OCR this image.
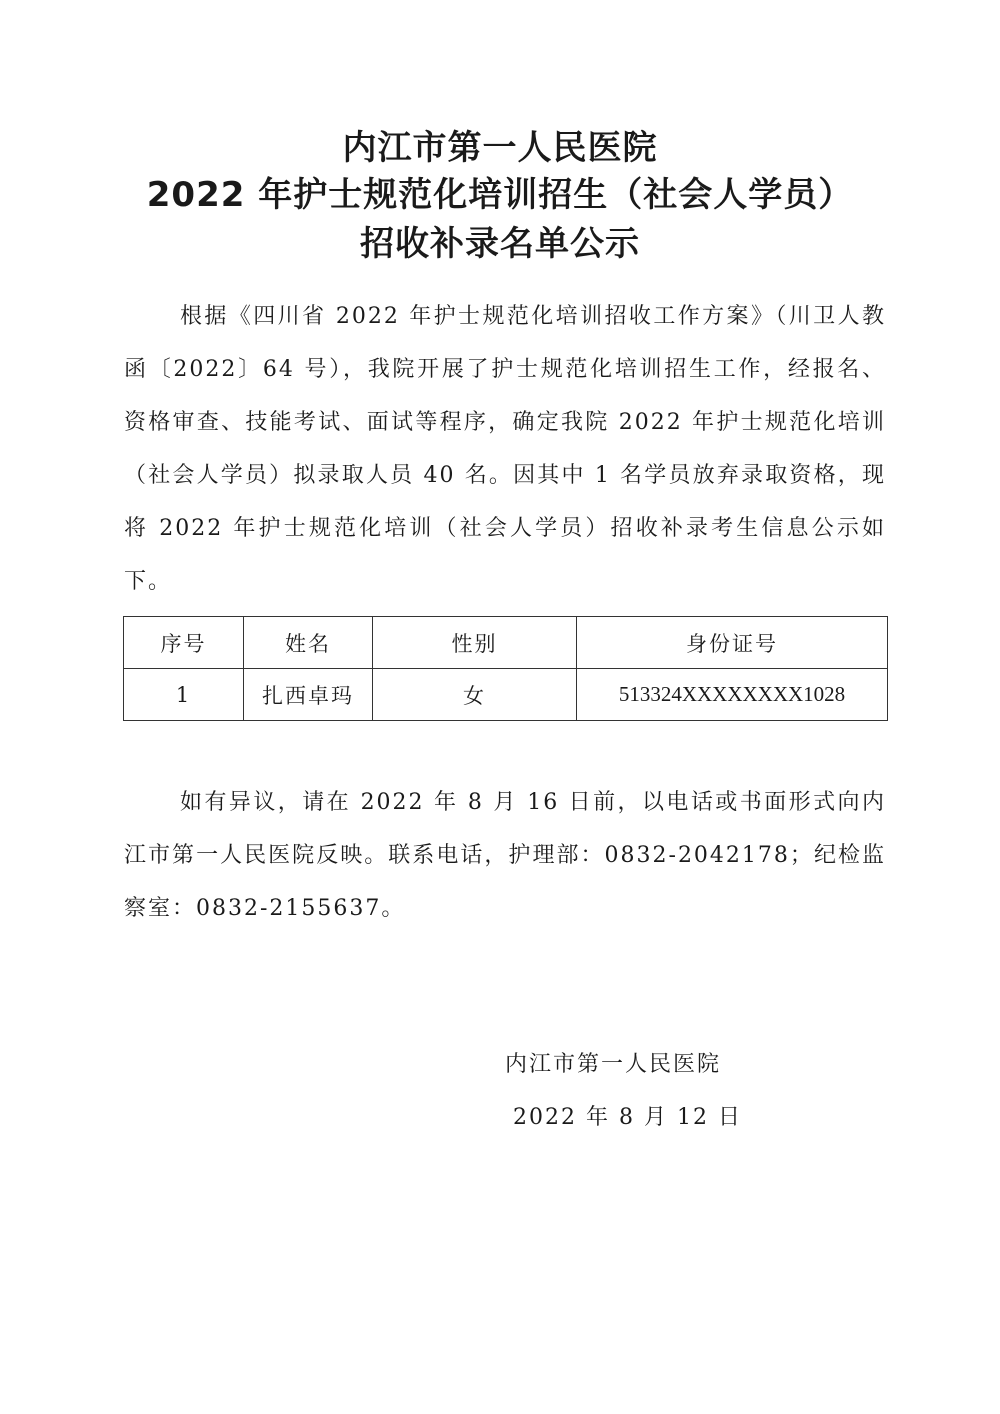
内江市第一人民医院
2022 年护士规范化培训招生（社会人学员）
招收补录名单公示
根据《四川省 2022 年护士规范化培训招收工作方案》（川卫人教函〔2022〕64 号），我院开展了护士规范化培训招生工作，经报名、资格审查、技能考试、面试等程序，确定我院 2022 年护士规范化培训（社会人学员）拟录取人员 40 名。因其中 1 名学员放弃录取资格，现将 2022 年护士规范化培训（社会人学员）招收补录考生信息公示如下。
序号	姓名	性别	身份证号
1	扎西卓玛	女	513324XXXXXXXX1028
如有异议，请在 2022 年 8 月 16 日前，以电话或书面形式向内江市第一人民医院反映。联系电话，护理部：0832-2042178；纪检监察室：0832-2155637。
内江市第一人民医院
2022 年 8 月 12 日
